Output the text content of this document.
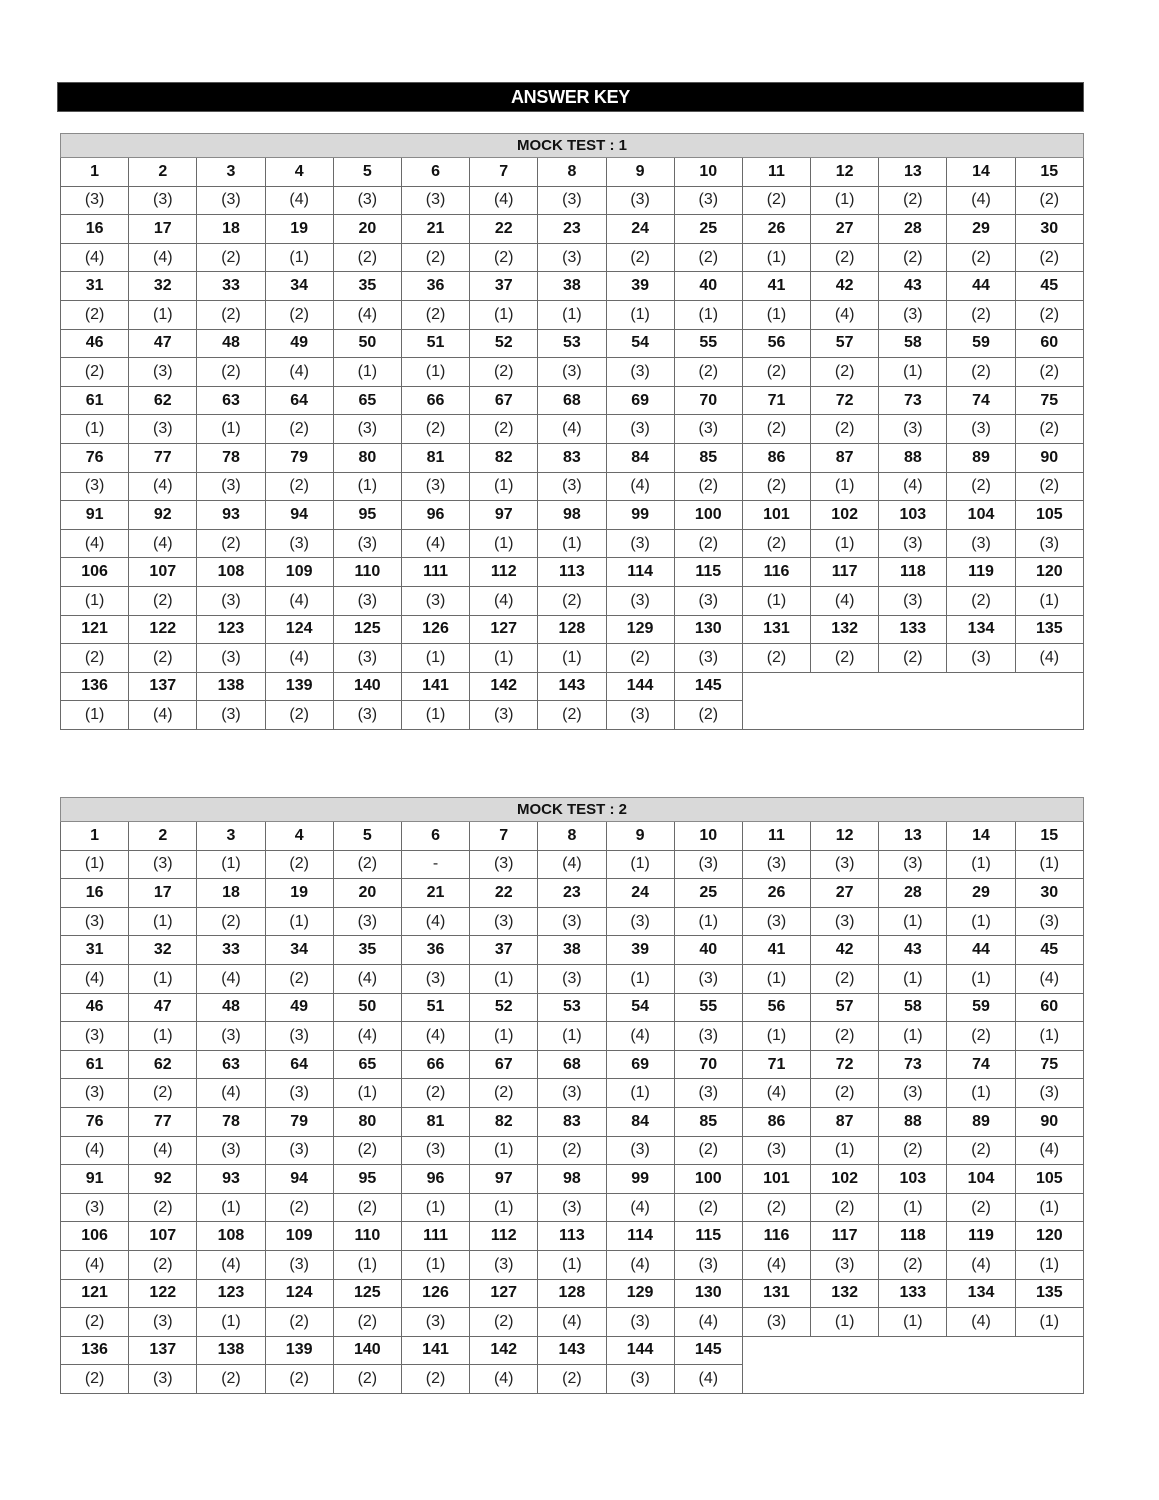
ANSWER KEY
MOCK TEST : 1														
1	2	3	4	5	6	7	8	9	10	11	12	13	14	15
(3)	(3)	(3)	(4)	(3)	(3)	(4)	(3)	(3)	(3)	(2)	(1)	(2)	(4)	(2)
16	17	18	19	20	21	22	23	24	25	26	27	28	29	30
(4)	(4)	(2)	(1)	(2)	(2)	(2)	(3)	(2)	(2)	(1)	(2)	(2)	(2)	(2)
31	32	33	34	35	36	37	38	39	40	41	42	43	44	45
(2)	(1)	(2)	(2)	(4)	(2)	(1)	(1)	(1)	(1)	(1)	(4)	(3)	(2)	(2)
46	47	48	49	50	51	52	53	54	55	56	57	58	59	60
(2)	(3)	(2)	(4)	(1)	(1)	(2)	(3)	(3)	(2)	(2)	(2)	(1)	(2)	(2)
61	62	63	64	65	66	67	68	69	70	71	72	73	74	75
(1)	(3)	(1)	(2)	(3)	(2)	(2)	(4)	(3)	(3)	(2)	(2)	(3)	(3)	(2)
76	77	78	79	80	81	82	83	84	85	86	87	88	89	90
(3)	(4)	(3)	(2)	(1)	(3)	(1)	(3)	(4)	(2)	(2)	(1)	(4)	(2)	(2)
91	92	93	94	95	96	97	98	99	100	101	102	103	104	105
(4)	(4)	(2)	(3)	(3)	(4)	(1)	(1)	(3)	(2)	(2)	(1)	(3)	(3)	(3)
106	107	108	109	110	111	112	113	114	115	116	117	118	119	120
(1)	(2)	(3)	(4)	(3)	(3)	(4)	(2)	(3)	(3)	(1)	(4)	(3)	(2)	(1)
121	122	123	124	125	126	127	128	129	130	131	132	133	134	135
(2)	(2)	(3)	(4)	(3)	(1)	(1)	(1)	(2)	(3)	(2)	(2)	(2)	(3)	(4)
136	137	138	139	140	141	142	143	144	145					
(1)	(4)	(3)	(2)	(3)	(1)	(3)	(2)	(3)	(2)					
MOCK TEST : 2														
1	2	3	4	5	6	7	8	9	10	11	12	13	14	15
(1)	(3)	(1)	(2)	(2)	-	(3)	(4)	(1)	(3)	(3)	(3)	(3)	(1)	(1)
16	17	18	19	20	21	22	23	24	25	26	27	28	29	30
(3)	(1)	(2)	(1)	(3)	(4)	(3)	(3)	(3)	(1)	(3)	(3)	(1)	(1)	(3)
31	32	33	34	35	36	37	38	39	40	41	42	43	44	45
(4)	(1)	(4)	(2)	(4)	(3)	(1)	(3)	(1)	(3)	(1)	(2)	(1)	(1)	(4)
46	47	48	49	50	51	52	53	54	55	56	57	58	59	60
(3)	(1)	(3)	(3)	(4)	(4)	(1)	(1)	(4)	(3)	(1)	(2)	(1)	(2)	(1)
61	62	63	64	65	66	67	68	69	70	71	72	73	74	75
(3)	(2)	(4)	(3)	(1)	(2)	(2)	(3)	(1)	(3)	(4)	(2)	(3)	(1)	(3)
76	77	78	79	80	81	82	83	84	85	86	87	88	89	90
(4)	(4)	(3)	(3)	(2)	(3)	(1)	(2)	(3)	(2)	(3)	(1)	(2)	(2)	(4)
91	92	93	94	95	96	97	98	99	100	101	102	103	104	105
(3)	(2)	(1)	(2)	(2)	(1)	(1)	(3)	(4)	(2)	(2)	(2)	(1)	(2)	(1)
106	107	108	109	110	111	112	113	114	115	116	117	118	119	120
(4)	(2)	(4)	(3)	(1)	(1)	(3)	(1)	(4)	(3)	(4)	(3)	(2)	(4)	(1)
121	122	123	124	125	126	127	128	129	130	131	132	133	134	135
(2)	(3)	(1)	(2)	(2)	(3)	(2)	(4)	(3)	(4)	(3)	(1)	(1)	(4)	(1)
136	137	138	139	140	141	142	143	144	145					
(2)	(3)	(2)	(2)	(2)	(2)	(4)	(2)	(3)	(4)					
